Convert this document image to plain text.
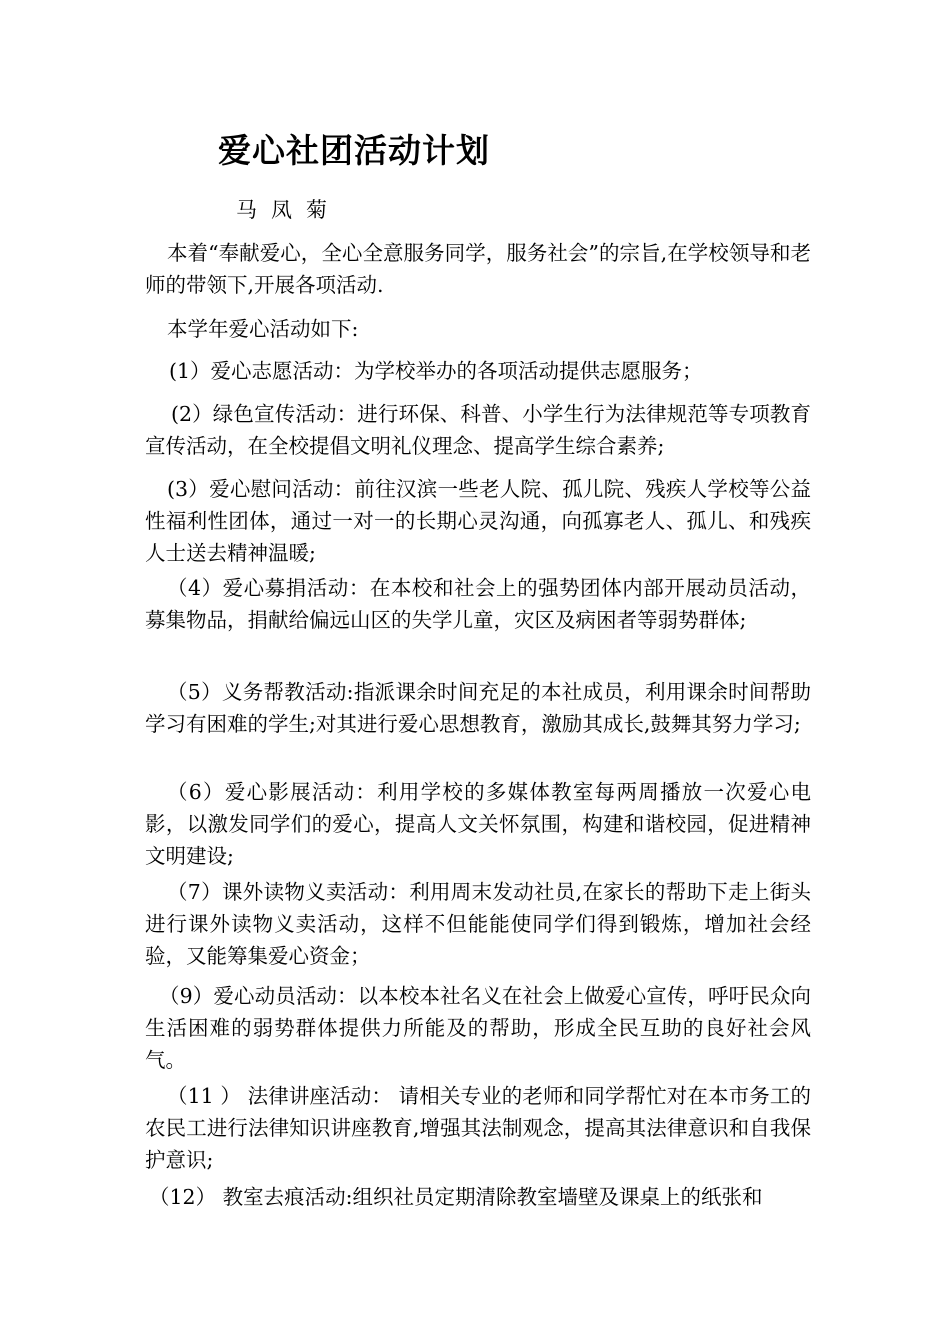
爱心社团活动计划
马凤菊

本着“奉献爱心，全心全意服务同学，服务社会”的宗旨,在学校领导和老师的带领下,开展各项活动.

本学年爱心活动如下:

(1）爱心志愿活动：为学校举办的各项活动提供志愿服务；

(2）绿色宣传活动：进行环保、科普、小学生行为法律规范等专项教育宣传活动，在全校提倡文明礼仪理念、提高学生综合素养;

(3）爱心慰问活动：前往汉滨一些老人院、孤儿院、残疾人学校等公益性福利性团体，通过一对一的长期心灵沟通，向孤寡老人、孤儿、和残疾人士送去精神温暖;

（4）爱心募捐活动：在本校和社会上的强势团体内部开展动员活动，募集物品，捐献给偏远山区的失学儿童，灾区及病困者等弱势群体;

（5）义务帮教活动:指派课余时间充足的本社成员，利用课余时间帮助学习有困难的学生;对其进行爱心思想教育，激励其成长,鼓舞其努力学习;

（6）爱心影展活动：利用学校的多媒体教室每两周播放一次爱心电影，以激发同学们的爱心，提高人文关怀氛围，构建和谐校园，促进精神文明建设;

（7）课外读物义卖活动：利用周末发动社员,在家长的帮助下走上街头进行课外读物义卖活动，这样不但能能使同学们得到锻炼，增加社会经验，又能筹集爱心资金；

（9）爱心动员活动：以本校本社名义在社会上做爱心宣传，呼吁民众向生活困难的弱势群体提供力所能及的帮助，形成全民互助的良好社会风气。

（11 ） 法律讲座活动： 请相关专业的老师和同学帮忙对在本市务工的农民工进行法律知识讲座教育,增强其法制观念，提高其法律意识和自我保护意识;

（12） 教室去痕活动:组织社员定期清除教室墙壁及课桌上的纸张和
